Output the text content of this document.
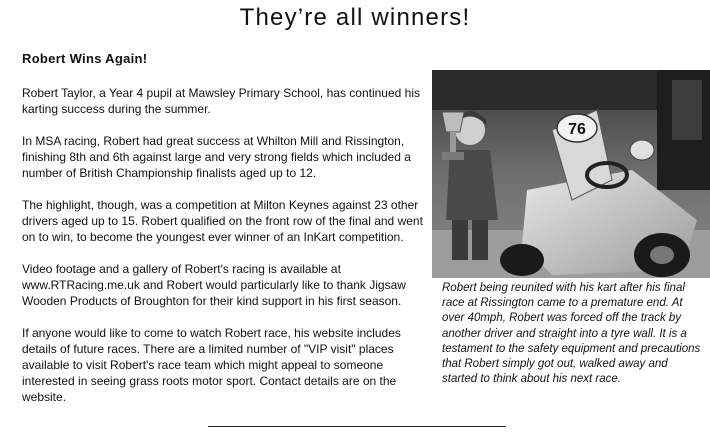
They’re all winners!
Robert Wins Again!

Robert Taylor, a Year 4 pupil at Mawsley Primary School, has continued his karting success during the summer.

In MSA racing, Robert had great success at Whilton Mill and Rissington, finishing 8th and 6th against large and very strong fields which included a number of British Championship finalists aged up to 12.

The highlight, though, was a competition at Milton Keynes against 23 other drivers aged up to 15. Robert qualified on the front row of the final and went on to win, to become the youngest ever winner of an InKart competition.

Video footage and a gallery of Robert's racing is available at www.RTRacing.me.uk and Robert would particularly like to thank Jigsaw Wooden Products of Broughton for their kind support in his first season.

If anyone would like to come to watch Robert race, his website includes details of future races. There are a limited number of "VIP visit" places available to visit Robert's race team which might appeal to someone interested in seeing grass roots motor sport. Contact details are on the website.

76
Robert being reunited with his kart after his final race at Rissington came to a premature end. At over 40mph, Robert was forced off the track by another driver and straight into a tyre wall. It is a testament to the safety equipment and precautions that Robert simply got out, walked away and started to think about his next race.
